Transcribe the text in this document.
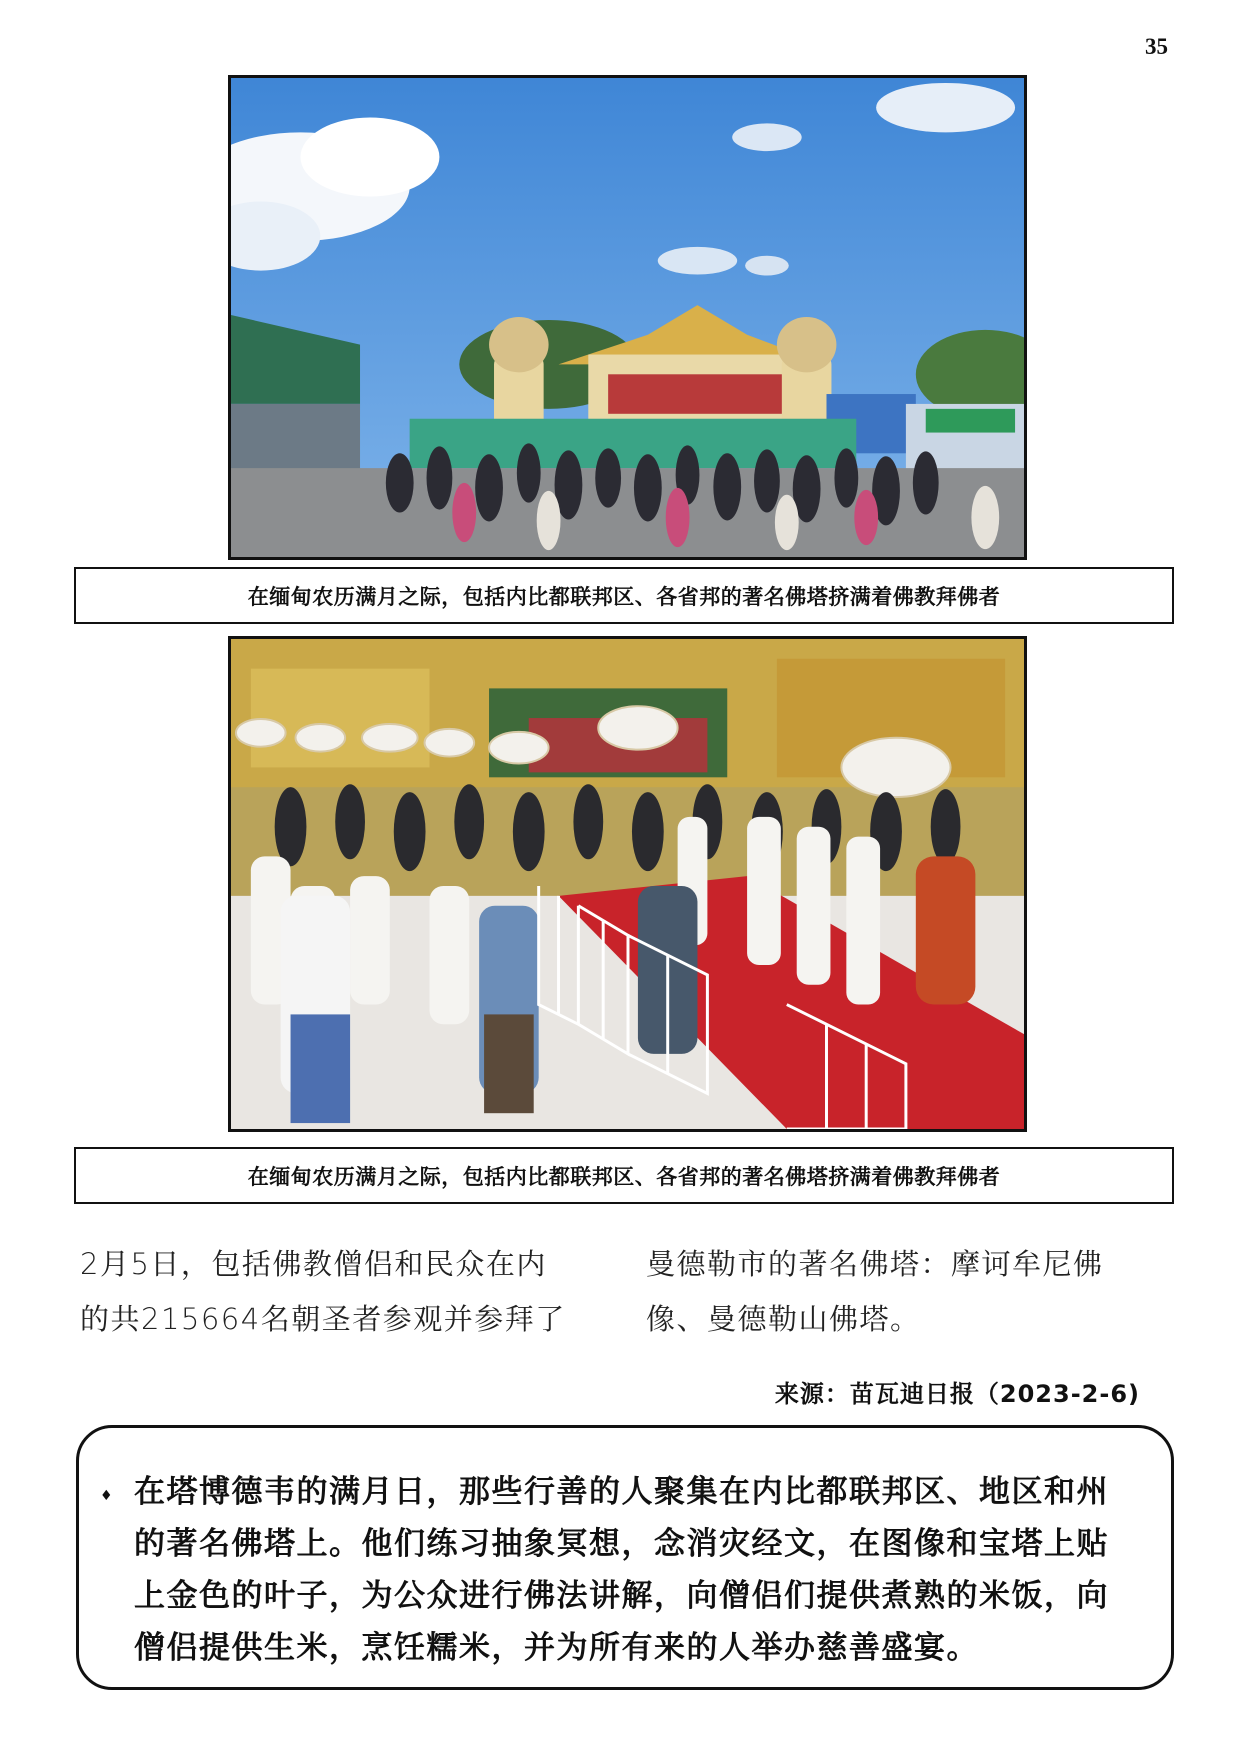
35
在缅甸农历满月之际，包括内比都联邦区、各省邦的著名佛塔挤满着佛教拜佛者
在缅甸农历满月之际，包括内比都联邦区、各省邦的著名佛塔挤满着佛教拜佛者
2月5日，包括佛教僧侣和民众在内
的共215664名朝圣者参观并参拜了
曼德勒市的著名佛塔：摩诃牟尼佛
像、曼德勒山佛塔。
来源：苗瓦迪日报（2023-2-6)
♦ 在塔博德韦的满月日，那些行善的人聚集在内比都联邦区、地区和州
的著名佛塔上。他们练习抽象冥想，念消灾经文，在图像和宝塔上贴
上金色的叶子，为公众进行佛法讲解，向僧侣们提供煮熟的米饭，向
僧侣提供生米，烹饪糯米，并为所有来的人举办慈善盛宴。
